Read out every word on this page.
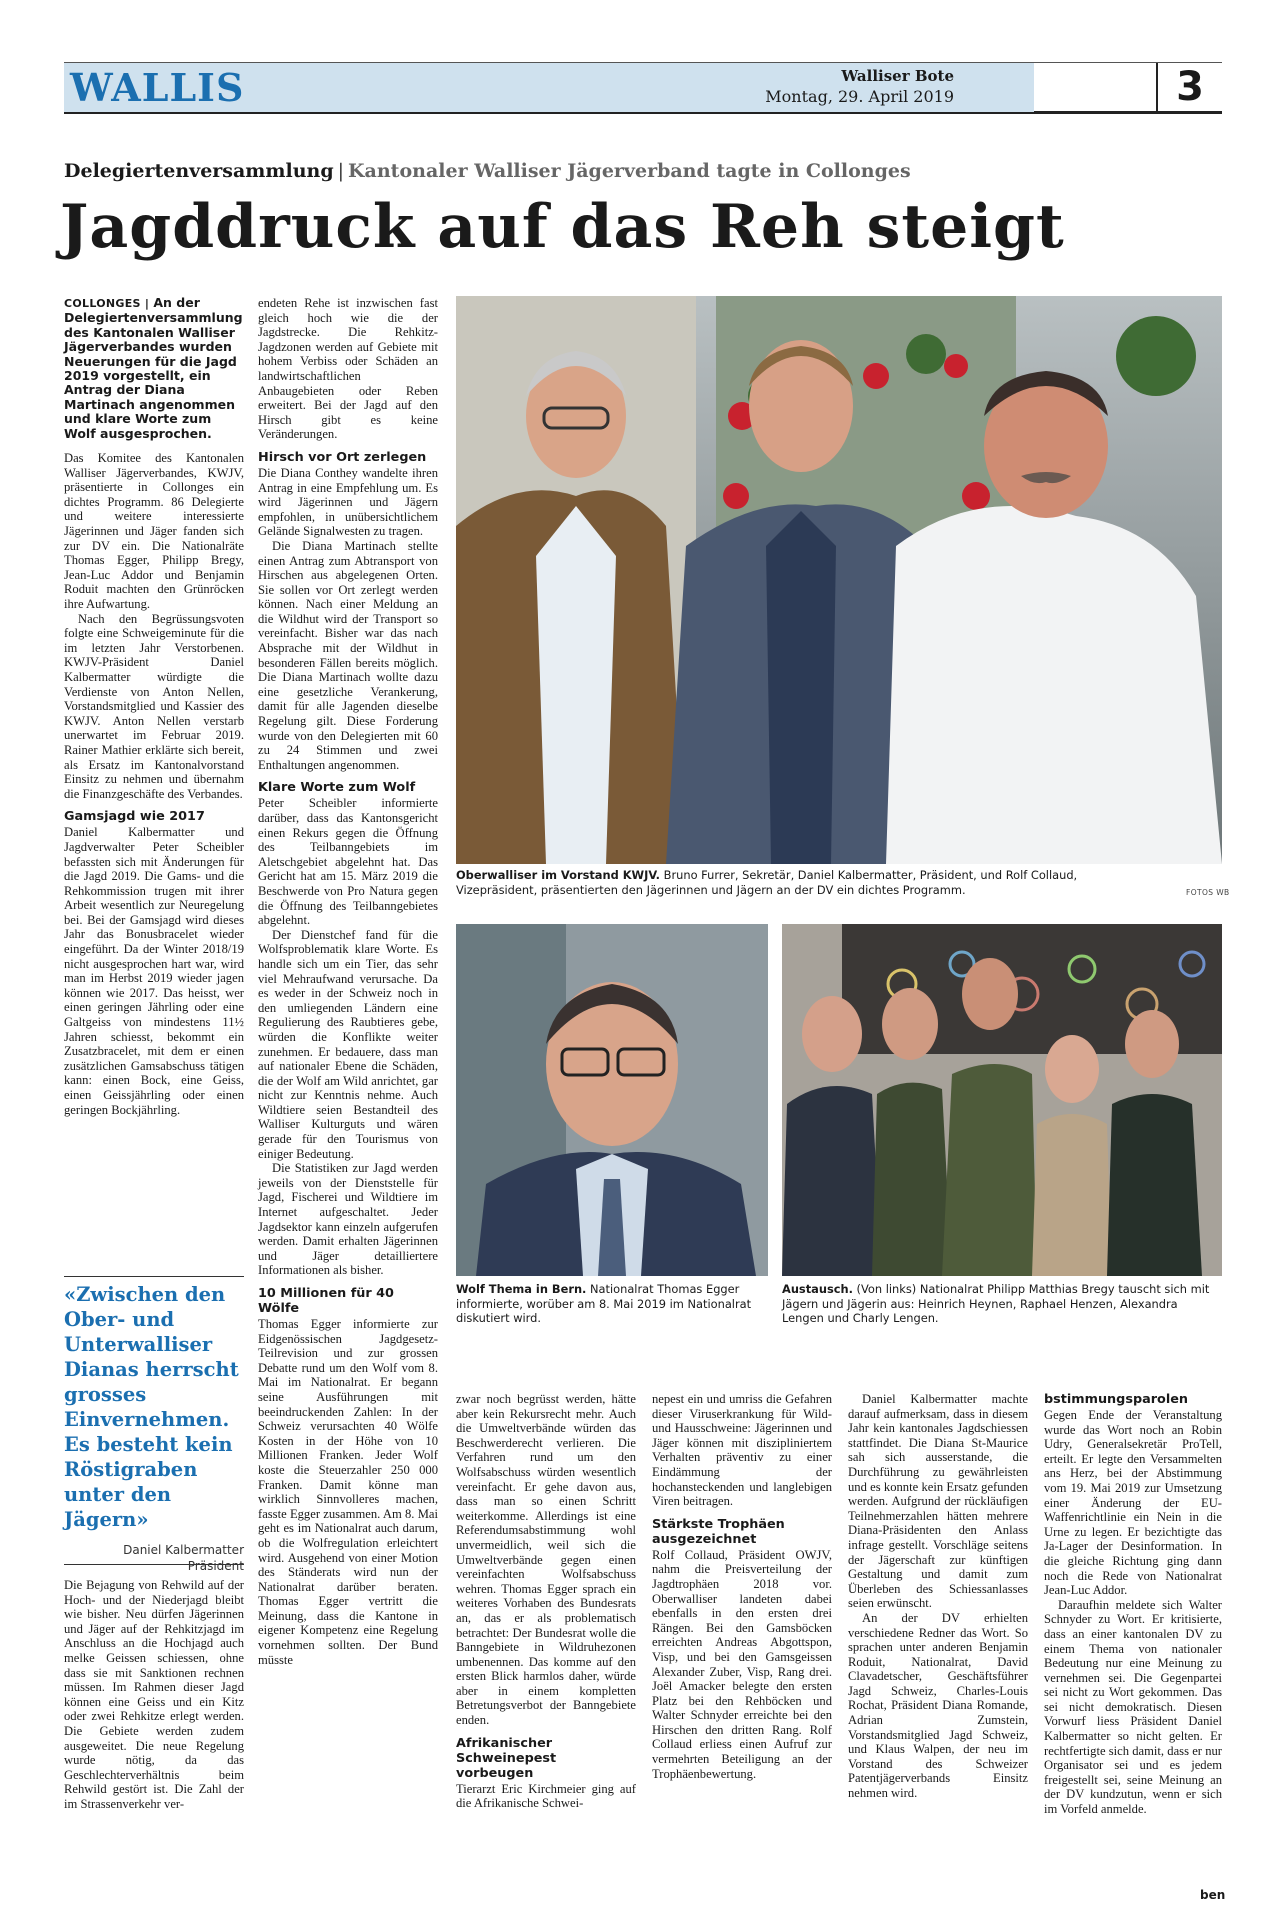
WALLIS	Walliser Bote
Montag, 29. April 2019	3
Delegiertenversammlung | Kantonaler Walliser Jägerverband tagte in Collonges
Jagddruck auf das Reh steigt
COLLONGES | An der Delegiertenversammlung des Kantonalen Walliser Jägerverbandes wurden Neuerungen für die Jagd 2019 vorgestellt, ein Antrag der Diana Martinach angenommen und klare Worte zum Wolf ausgesprochen.

Das Komitee des Kantonalen Walliser Jägerverbandes, KWJV, präsentierte in Collonges ein dichtes Programm. 86 Delegierte und weitere interessierte Jägerinnen und Jäger fanden sich zur DV ein. Die Nationalräte Thomas Egger, Philipp Bregy, Jean-Luc Addor und Benjamin Roduit machten den Grünröcken ihre Aufwartung.

Nach den Begrüssungsvoten folgte eine Schweigeminute für die im letzten Jahr Verstorbenen. KWJV-Präsident Daniel Kalbermatter würdigte die Verdienste von Anton Nellen, Vorstandsmitglied und Kassier des KWJV. Anton Nellen verstarb unerwartet im Februar 2019. Rainer Mathier erklärte sich bereit, als Ersatz im Kantonalvorstand Einsitz zu nehmen und übernahm die Finanzgeschäfte des Verbandes.

Gamsjagd wie 2017

Daniel Kalbermatter und Jagdverwalter Peter Scheibler befassten sich mit Änderungen für die Jagd 2019. Die Gams- und die Rehkommission trugen mit ihrer Arbeit wesentlich zur Neuregelung bei. Bei der Gamsjagd wird dieses Jahr das Bonusbracelet wieder eingeführt. Da der Winter 2018/19 nicht ausgesprochen hart war, wird man im Herbst 2019 wieder jagen können wie 2017. Das heisst, wer einen geringen Jährling oder eine Galtgeiss von mindestens 11½ Jahren schiesst, bekommt ein Zusatzbracelet, mit dem er einen zusätzlichen Gamsabschuss tätigen kann: einen Bock, eine Geiss, einen Geissjährling oder einen geringen Bockjährling.

«Zwischen den Ober- und Unterwalliser Dianas herrscht grosses Einvernehmen. Es besteht kein Röstigraben unter den Jägern»
Daniel Kalbermatter
Präsident

Die Bejagung von Rehwild auf der Hoch- und der Niederjagd bleibt wie bisher. Neu dürfen Jägerinnen und Jäger auf der Rehkitzjagd im Anschluss an die Hochjagd auch melke Geissen schiessen, ohne dass sie mit Sanktionen rechnen müssen. Im Rahmen dieser Jagd können eine Geiss und ein Kitz oder zwei Rehkitze erlegt werden. Die Gebiete werden zudem ausgeweitet. Die neue Regelung wurde nötig, da das Geschlechterverhältnis beim Rehwild gestört ist. Die Zahl der im Strassenverkehr ver-

endeten Rehe ist inzwischen fast gleich hoch wie die der Jagdstrecke. Die Rehkitz-Jagdzonen werden auf Gebiete mit hohem Verbiss oder Schäden an landwirtschaftlichen Anbaugebieten oder Reben erweitert. Bei der Jagd auf den Hirsch gibt es keine Veränderungen.

Hirsch vor Ort zerlegen

Die Diana Conthey wandelte ihren Antrag in eine Empfehlung um. Es wird Jägerinnen und Jägern empfohlen, in unübersichtlichem Gelände Signalwesten zu tragen.

Die Diana Martinach stellte einen Antrag zum Abtransport von Hirschen aus abgelegenen Orten. Sie sollen vor Ort zerlegt werden können. Nach einer Meldung an die Wildhut wird der Transport so vereinfacht. Bisher war das nach Absprache mit der Wildhut in besonderen Fällen bereits möglich. Die Diana Martinach wollte dazu eine gesetzliche Verankerung, damit für alle Jagenden dieselbe Regelung gilt. Diese Forderung wurde von den Delegierten mit 60 zu 24 Stimmen und zwei Enthaltungen angenommen.

Klare Worte zum Wolf

Peter Scheibler informierte darüber, dass das Kantonsgericht einen Rekurs gegen die Öffnung des Teilbanngebiets im Aletschgebiet abgelehnt hat. Das Gericht hat am 15. März 2019 die Beschwerde von Pro Natura gegen die Öffnung des Teilbanngebietes abgelehnt.

Der Dienstchef fand für die Wolfsproblematik klare Worte. Es handle sich um ein Tier, das sehr viel Mehraufwand verursache. Da es weder in der Schweiz noch in den umliegenden Ländern eine Regulierung des Raubtieres gebe, würden die Konflikte weiter zunehmen. Er bedauere, dass man auf nationaler Ebene die Schäden, die der Wolf am Wild anrichtet, gar nicht zur Kenntnis nehme. Auch Wildtiere seien Bestandteil des Walliser Kulturguts und wären gerade für den Tourismus von einiger Bedeutung.

Die Statistiken zur Jagd werden jeweils von der Dienststelle für Jagd, Fischerei und Wildtiere im Internet aufgeschaltet. Jeder Jagdsektor kann einzeln aufgerufen werden. Damit erhalten Jägerinnen und Jäger detailliertere Informationen als bisher.

10 Millionen für 40 Wölfe

Thomas Egger informierte zur Eidgenössischen Jagdgesetz-Teilrevision und zur grossen Debatte rund um den Wolf vom 8. Mai im Nationalrat. Er begann seine Ausführungen mit beeindruckenden Zahlen: In der Schweiz verursachten 40 Wölfe Kosten in der Höhe von 10 Millionen Franken. Jeder Wolf koste die Steuerzahler 250 000 Franken. Damit könne man wirklich Sinnvolleres machen, fasste Egger zusammen. Am 8. Mai geht es im Nationalrat auch darum, ob die Wolfregulation erleichtert wird. Ausgehend von einer Motion des Ständerats wird nun der Nationalrat darüber beraten. Thomas Egger vertritt die Meinung, dass die Kantone in eigener Kompetenz eine Regelung vornehmen sollten. Der Bund müsste

Oberwalliser im Vorstand KWJV. Bruno Furrer, Sekretär, Daniel Kalbermatter, Präsident, und Rolf Collaud, Vizepräsident, präsentierten den Jägerinnen und Jägern an der DV ein dichtes Programm.	FOTOS WB
Wolf Thema in Bern. Nationalrat Thomas Egger informierte, worüber am 8. Mai 2019 im Nationalrat diskutiert wird.
Austausch. (Von links) Nationalrat Philipp Matthias Bregy tauscht sich mit Jägern und Jägerin aus: Heinrich Heynen, Raphael Henzen, Alexandra Lengen und Charly Lengen.

zwar noch begrüsst werden, hätte aber kein Rekursrecht mehr. Auch die Umweltverbände würden das Beschwerderecht verlieren. Die Verfahren rund um den Wolfsabschuss würden wesentlich vereinfacht. Er gehe davon aus, dass man so einen Schritt weiterkomme. Allerdings ist eine Referendumsabstimmung wohl unvermeidlich, weil sich die Umweltverbände gegen einen vereinfachten Wolfsabschuss wehren. Thomas Egger sprach ein weiteres Vorhaben des Bundesrats an, das er als problematisch betrachtet: Der Bundesrat wolle die Banngebiete in Wildruhezonen umbenennen. Das komme auf den ersten Blick harmlos daher, würde aber in einem kompletten Betretungsverbot der Banngebiete enden.

Afrikanischer Schweinepest vorbeugen

Tierarzt Eric Kirchmeier ging auf die Afrikanische Schwei-

nepest ein und umriss die Gefahren dieser Viruserkrankung für Wild- und Hausschweine: Jägerinnen und Jäger können mit diszipliniertem Verhalten präventiv zu einer Eindämmung der hochansteckenden und langlebigen Viren beitragen.

Stärkste Trophäen ausgezeichnet

Rolf Collaud, Präsident OWJV, nahm die Preisverteilung der Jagdtrophäen 2018 vor. Oberwalliser landeten dabei ebenfalls in den ersten drei Rängen. Bei den Gamsböcken erreichten Andreas Abgottspon, Visp, und bei den Gamsgeissen Alexander Zuber, Visp, Rang drei. Joël Amacker belegte den ersten Platz bei den Rehböcken und Walter Schnyder erreichte bei den Hirschen den dritten Rang. Rolf Collaud erliess einen Aufruf zur vermehrten Beteiligung an der Trophäenbewertung.

Daniel Kalbermatter machte darauf aufmerksam, dass in diesem Jahr kein kantonales Jagdschiessen stattfindet. Die Diana St-Maurice sah sich ausserstande, die Durchführung zu gewährleisten und es konnte kein Ersatz gefunden werden. Aufgrund der rückläufigen Teilnehmerzahlen hätten mehrere Diana-Präsidenten den Anlass infrage gestellt. Vorschläge seitens der Jägerschaft zur künftigen Gestaltung und damit zum Überleben des Schiessanlasses seien erwünscht.

An der DV erhielten verschiedene Redner das Wort. So sprachen unter anderen Benjamin Roduit, Nationalrat, David Clavadetscher, Geschäftsführer Jagd Schweiz, Charles-Louis Rochat, Präsident Diana Romande, Adrian Zumstein, Vorstandsmitglied Jagd Schweiz, und Klaus Walpen, der neu im Vorstand des Schweizer Patentjägerverbands Einsitz nehmen wird.

bstimmungsparolen

Gegen Ende der Veranstaltung wurde das Wort noch an Robin Udry, Generalsekretär ProTell, erteilt. Er legte den Versammelten ans Herz, bei der Abstimmung vom 19. Mai 2019 zur Umsetzung einer Änderung der EU-Waffenrichtlinie ein Nein in die Urne zu legen. Er bezichtigte das Ja-Lager der Desinformation. In die gleiche Richtung ging dann noch die Rede von Nationalrat Jean-Luc Addor.

Daraufhin meldete sich Walter Schnyder zu Wort. Er kritisierte, dass an einer kantonalen DV zu einem Thema von nationaler Bedeutung nur eine Meinung zu vernehmen sei. Die Gegenpartei sei nicht zu Wort gekommen. Das sei nicht demokratisch. Diesen Vorwurf liess Präsident Daniel Kalbermatter so nicht gelten. Er rechtfertigte sich damit, dass er nur Organisator sei und es jedem freigestellt sei, seine Meinung an der DV kundzutun, wenn er sich im Vorfeld anmelde.

ben
